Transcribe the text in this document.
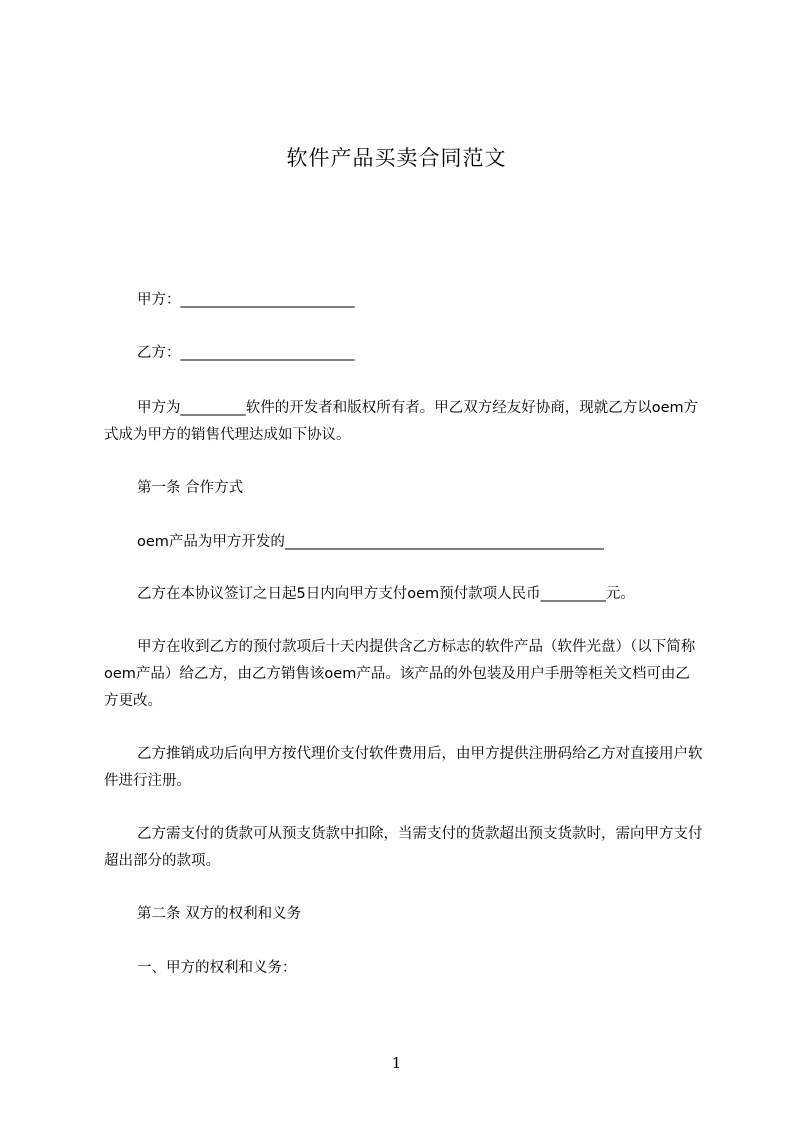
软件产品买卖合同范文
甲方：________________________
乙方：________________________
甲方为_________软件的开发者和版权所有者。甲乙双方经友好协商，现就乙方以oem方式成为甲方的销售代理达成如下协议。
第一条 合作方式
oem产品为甲方开发的____________________________________________
乙方在本协议签订之日起5日内向甲方支付oem预付款项人民币_________元。
甲方在收到乙方的预付款项后十天内提供含乙方标志的软件产品（软件光盘）（以下简称oem产品）给乙方，由乙方销售该oem产品。该产品的外包装及用户手册等柜关文档可由乙方更改。
乙方推销成功后向甲方按代理价支付软件费用后，由甲方提供注册码给乙方对直接用户软件进行注册。
乙方需支付的货款可从预支货款中扣除，当需支付的货款超出预支货款时，需向甲方支付超出部分的款项。
第二条 双方的权利和义务
一、甲方的权利和义务：
1
